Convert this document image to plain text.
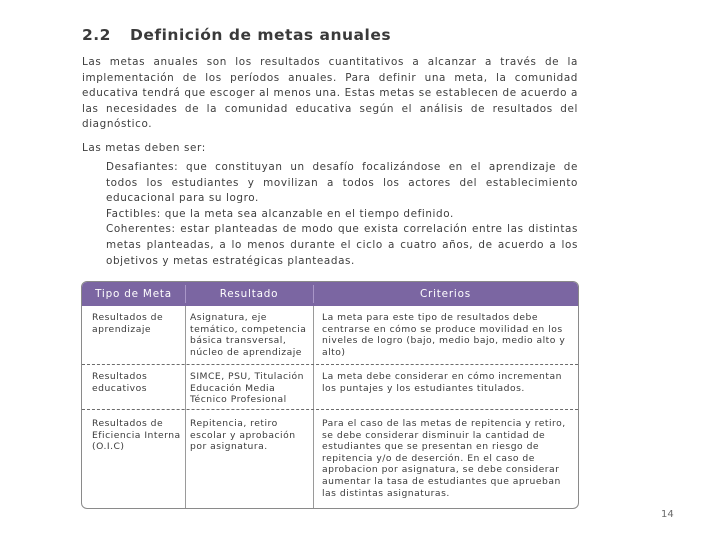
2.2 Definición de metas anuales
Las metas anuales son los resultados cuantitativos a alcanzar a través de la implementación de los períodos anuales. Para definir una meta, la comunidad educativa tendrá que escoger al menos una. Estas metas se establecen de acuerdo a las necesidades de la comunidad educativa según el análisis de resultados del diagnóstico.
Las metas deben ser:

Desafiantes: que constituyan un desafío focalizándose en el aprendizaje de todos los estudiantes y movilizan a todos los actores del establecimiento educacional para su logro.

Factibles: que la meta sea alcanzable en el tiempo definido.

Coherentes: estar planteadas de modo que exista correlación entre las distintas metas planteadas, a lo menos durante el ciclo a cuatro años, de acuerdo a los objetivos y metas estratégicas planteadas.

Tipo de Meta	Resultado	Criterios
Resultados de aprendizaje
Asignatura, eje temático, competencia básica transversal, núcleo de aprendizaje
La meta para este tipo de resultados debe centrarse en cómo se produce movilidad en los niveles de logro (bajo, medio bajo, medio alto y alto)
Resultados educativos
SIMCE, PSU, Titulación Educación Media Técnico Profesional
La meta debe considerar en cómo incrementan los puntajes y los estudiantes titulados.
Resultados de Eficiencia Interna (O.I.C)
Repitencia, retiro escolar y aprobación por asignatura.
Para el caso de las metas de repitencia y retiro, se debe considerar disminuir la cantidad de estudiantes que se presentan en riesgo de repitencia y/o de deserción. En el caso de aprobacion por asignatura, se debe considerar aumentar la tasa de estudiantes que aprueban las distintas asignaturas.
14
